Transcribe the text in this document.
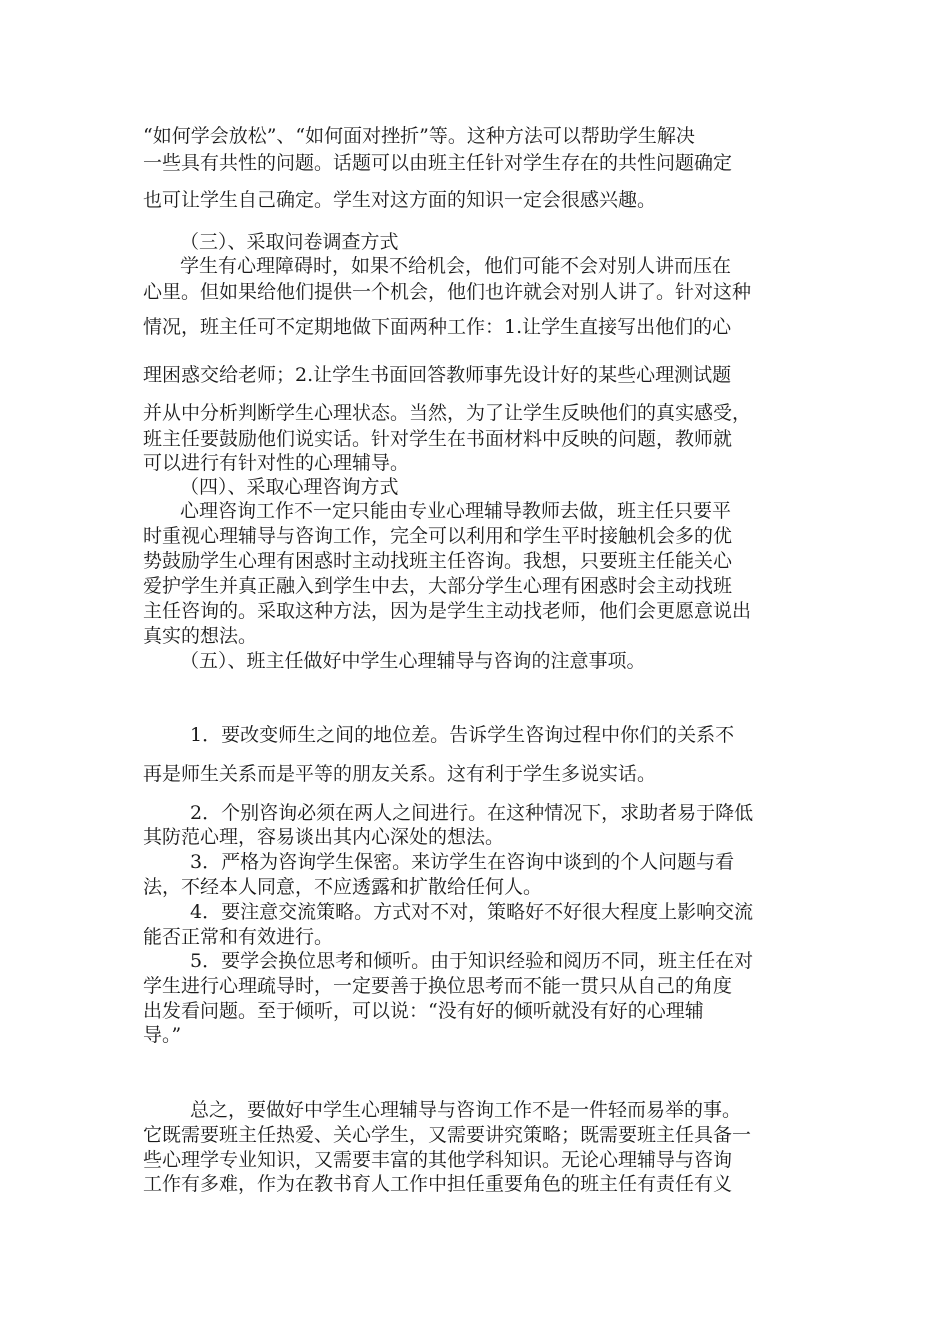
“如何学会放松”、“如何面对挫折”等。这种方法可以帮助学生解决
一些具有共性的问题。话题可以由班主任针对学生存在的共性问题确定
也可让学生自己确定。学生对这方面的知识一定会很感兴趣。
（三）、采取问卷调查方式
学生有心理障碍时，如果不给机会，他们可能不会对别人讲而压在
心里。但如果给他们提供一个机会，他们也许就会对别人讲了。针对这种
情况，班主任可不定期地做下面两种工作：1.让学生直接写出他们的心
理困惑交给老师；2.让学生书面回答教师事先设计好的某些心理测试题
并从中分析判断学生心理状态。当然，为了让学生反映他们的真实感受，
班主任要鼓励他们说实话。针对学生在书面材料中反映的问题，教师就
可以进行有针对性的心理辅导。
（四）、采取心理咨询方式
心理咨询工作不一定只能由专业心理辅导教师去做，班主任只要平
时重视心理辅导与咨询工作，完全可以利用和学生平时接触机会多的优
势鼓励学生心理有困惑时主动找班主任咨询。我想，只要班主任能关心
爱护学生并真正融入到学生中去，大部分学生心理有困惑时会主动找班
主任咨询的。采取这种方法，因为是学生主动找老师，他们会更愿意说出
真实的想法。
（五）、班主任做好中学生心理辅导与咨询的注意事项。
1．要改变师生之间的地位差。告诉学生咨询过程中你们的关系不
再是师生关系而是平等的朋友关系。这有利于学生多说实话。
2．个别咨询必须在两人之间进行。在这种情况下，求助者易于降低
其防范心理，容易谈出其内心深处的想法。
3．严格为咨询学生保密。来访学生在咨询中谈到的个人问题与看
法，不经本人同意，不应透露和扩散给任何人。
4．要注意交流策略。方式对不对，策略好不好很大程度上影响交流
能否正常和有效进行。
5．要学会换位思考和倾听。由于知识经验和阅历不同，班主任在对
学生进行心理疏导时，一定要善于换位思考而不能一贯只从自己的角度
出发看问题。至于倾听，可以说：“没有好的倾听就没有好的心理辅
导。”
总之，要做好中学生心理辅导与咨询工作不是一件轻而易举的事。
它既需要班主任热爱、关心学生，又需要讲究策略；既需要班主任具备一
些心理学专业知识，又需要丰富的其他学科知识。无论心理辅导与咨询
工作有多难，作为在教书育人工作中担任重要角色的班主任有责任有义
